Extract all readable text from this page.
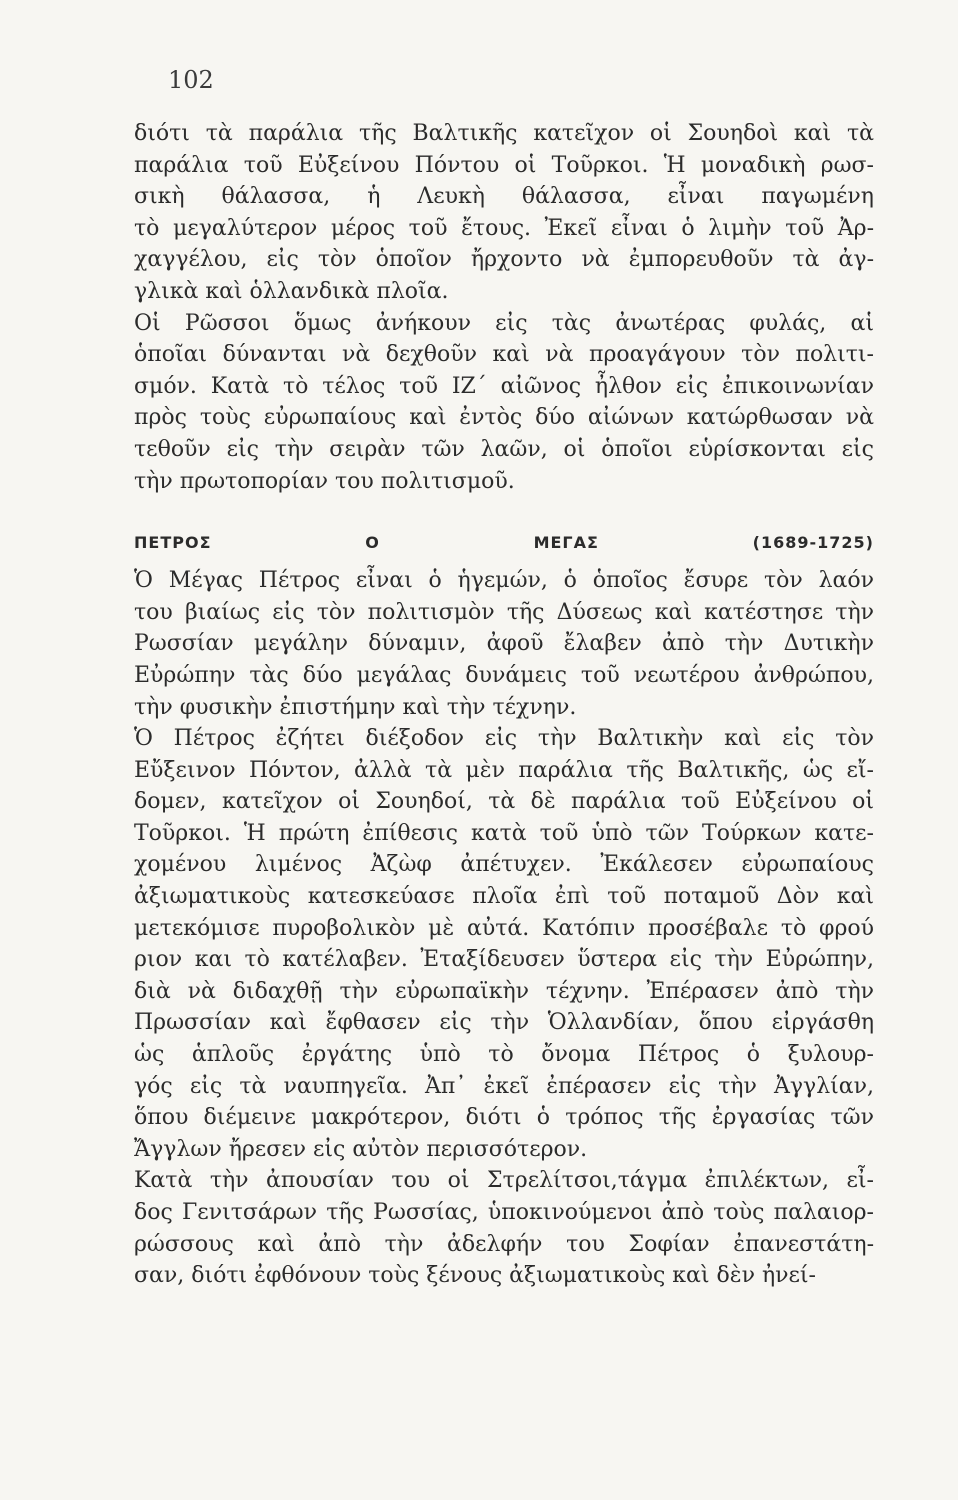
102
διότι τὰ παράλια τῆς Βαλτικῆς κατεῖχον οἱ Σουηδοὶ καὶ τὰ
παράλια τοῦ Εὐξείνου Πόντου οἱ Τοῦρκοι. Ἡ μοναδικὴ ρωσ-
σικὴ θάλασσα, ἡ Λευκὴ θάλασσα, εἶναι παγωμένη
τὸ μεγαλύτερον μέρος τοῦ ἔτους. Ἐκεῖ εἶναι ὁ λιμὴν τοῦ Ἀρ-
χαγγέλου, εἰς τὸν ὁποῖον ἤρχοντο νὰ ἐμπορευθοῦν τὰ ἀγ-
γλικὰ καὶ ὁλλανδικὰ πλοῖα.
Οἱ Ρῶσσοι ὅμως ἀνήκουν εἰς τὰς ἀνωτέρας φυλάς, αἱ
ὁποῖαι δύνανται νὰ δεχθοῦν καὶ νὰ προαγάγουν τὸν πολιτι-
σμόν. Κατὰ τὸ τέλος τοῦ ΙΖ΄ αἰῶνος ἦλθον εἰς ἐπικοινωνίαν
πρὸς τοὺς εὐρωπαίους καὶ ἐντὸς δύο αἰώνων κατώρθωσαν νὰ
τεθοῦν εἰς τὴν σειρὰν τῶν λαῶν, οἱ ὁποῖοι εὑρίσκονται εἰς
τὴν πρωτοπορίαν του πολιτισμοῦ.
ΠΕΤΡΟΣ Ο ΜΕΓΑΣ (1689-1725)
Ὁ Μέγας Πέτρος εἶναι ὁ ἡγεμών, ὁ ὁποῖος ἔσυρε τὸν λαόν
του βιαίως εἰς τὸν πολιτισμὸν τῆς Δύσεως καὶ κατέστησε τὴν
Ρωσσίαν μεγάλην δύναμιν, ἀφοῦ ἔλαβεν ἀπὸ τὴν Δυτικὴν
Εὐρώπην τὰς δύο μεγάλας δυνάμεις τοῦ νεωτέρου ἀνθρώπου,
τὴν φυσικὴν ἐπιστήμην καὶ τὴν τέχνην.
Ὁ Πέτρος ἐζήτει διέξοδον εἰς τὴν Βαλτικὴν καὶ εἰς τὸν
Εὔξεινον Πόντον, ἀλλὰ τὰ μὲν παράλια τῆς Βαλτικῆς, ὡς εἴ-
δομεν, κατεῖχον οἱ Σουηδοί, τὰ δὲ παράλια τοῦ Εὐξείνου οἱ
Τοῦρκοι. Ἡ πρώτη ἐπίθεσις κατὰ τοῦ ὑπὸ τῶν Τούρκων κατε-
χομένου λιμένος Ἀζὼφ ἀπέτυχεν. Ἐκάλεσεν εὐρωπαίους
ἀξιωματικοὺς κατεσκεύασε πλοῖα ἐπὶ τοῦ ποταμοῦ Δὸν καὶ
μετεκόμισε πυροβολικὸν μὲ αὐτά. Κατόπιν προσέβαλε τὸ φρού
ριον και τὸ κατέλαβεν. Ἐταξίδευσεν ὕστερα εἰς τὴν Εὐρώπην,
διὰ νὰ διδαχθῇ τὴν εὐρωπαϊκὴν τέχνην. Ἐπέρασεν ἀπὸ τὴν
Πρωσσίαν καὶ ἔφθασεν εἰς τὴν Ὁλλανδίαν, ὅπου εἰργάσθη
ὡς ἁπλοῦς ἐργάτης ὑπὸ τὸ ὄνομα Πέτρος ὁ ξυλουρ-
γός εἰς τὰ ναυπηγεῖα. Ἀπ᾽ ἐκεῖ ἐπέρασεν εἰς τὴν Ἀγγλίαν,
ὅπου διέμεινε μακρότερον, διότι ὁ τρόπος τῆς ἐργασίας τῶν
Ἄγγλων ἤρεσεν εἰς αὐτὸν περισσότερον.
Κατὰ τὴν ἀπουσίαν του οἱ Στρελίτσοι,τάγμα ἐπιλέκτων, εἶ-
δος Γενιτσάρων τῆς Ρωσσίας, ὑποκινούμενοι ἀπὸ τοὺς παλαιορ-
ρώσσους καὶ ἀπὸ τὴν ἀδελφήν του Σοφίαν ἐπανεστάτη-
σαν, διότι ἐφθόνουν τοὺς ξένους ἀξιωματικοὺς καὶ δὲν ἠνεί-
